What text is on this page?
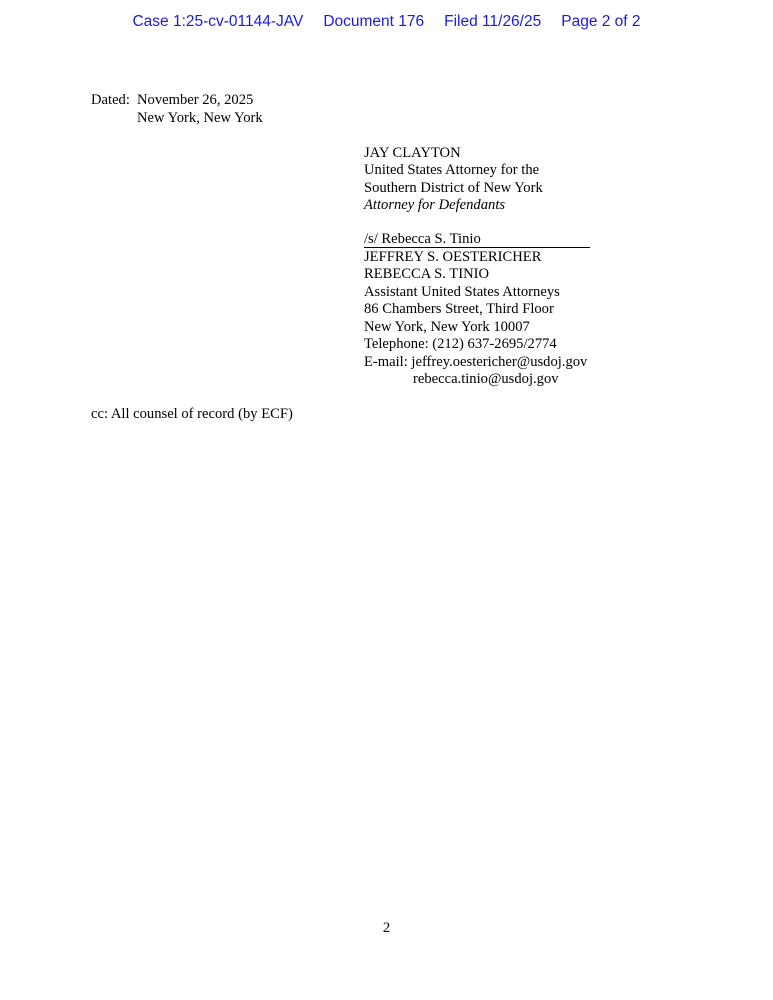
Case 1:25-cv-01144-JAV Document 176 Filed 11/26/25 Page 2 of 2
Dated: November 26, 2025
New York, New York
JAY CLAYTON
United States Attorney for the
Southern District of New York
Attorney for Defendants
/s/ Rebecca S. Tinio
JEFFREY S. OESTERICHER
REBECCA S. TINIO
Assistant United States Attorneys
86 Chambers Street, Third Floor
New York, New York 10007
Telephone: (212) 637-2695/2774
E-mail: jeffrey.oestericher@usdoj.gov
rebecca.tinio@usdoj.gov
cc: All counsel of record (by ECF)
2
